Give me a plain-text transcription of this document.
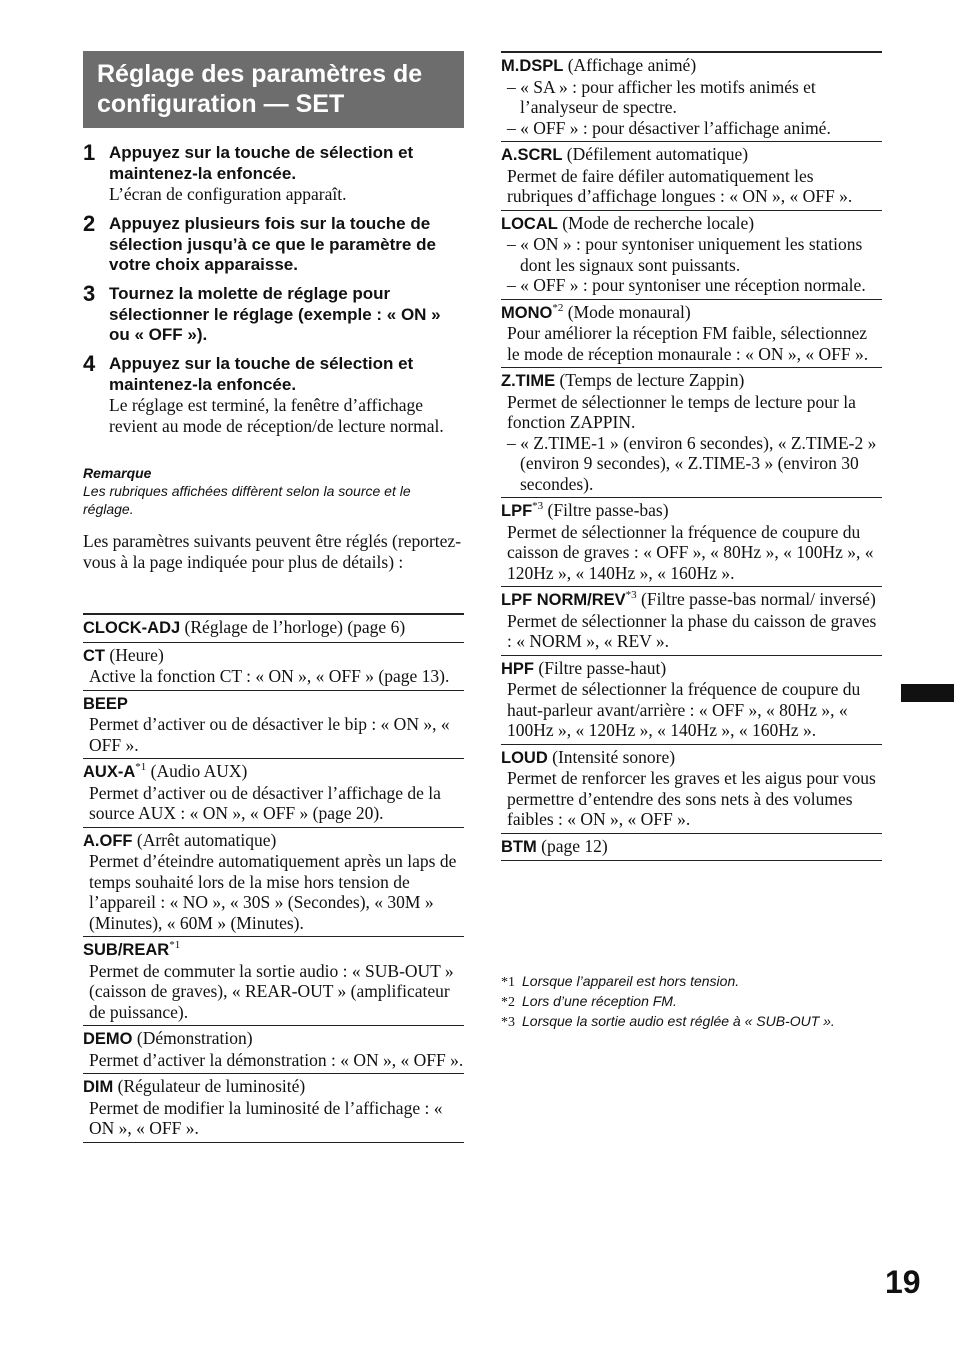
Réglage des paramètres de
configuration — SET
1 Appuyez sur la touche de sélection et maintenez-la enfoncée.
L’écran de configuration apparaît.
2 Appuyez plusieurs fois sur la touche de sélection jusqu’à ce que le paramètre de votre choix apparaisse.
3 Tournez la molette de réglage pour sélectionner le réglage (exemple : « ON » ou « OFF »).
4 Appuyez sur la touche de sélection et maintenez-la enfoncée.
Le réglage est terminé, la fenêtre d’affichage revient au mode de réception/de lecture normal.
Remarque
Les rubriques affichées diffèrent selon la source et le réglage.
Les paramètres suivants peuvent être réglés (reportez-vous à la page indiquée pour plus de détails) :
CLOCK-ADJ (Réglage de l’horloge) (page 6)
CT (Heure)
Active la fonction CT : « ON », « OFF » (page 13).
BEEP
Permet d’activer ou de désactiver le bip : « ON », « OFF ».
AUX-$A^{*1}$ (Audio AUX)
Permet d’activer ou de désactiver l’affichage de la source AUX : « ON », « OFF » (page 20).
A.OFF (Arrêt automatique)
Permet d’éteindre automatiquement après un laps de temps souhaité lors de la mise hors tension de l’appareil : « NO », « 30S » (Secondes), « 30M » (Minutes), « 60M » (Minutes).
SUB/REAR$^{*1}$
Permet de commuter la sortie audio : « SUB-OUT » (caisson de graves), « REAR-OUT » (amplificateur de puissance).
DEMO (Démonstration)
Permet d’activer la démonstration : « ON », « OFF ».
DIM (Régulateur de luminosité)
Permet de modifier la luminosité de l’affichage : « ON », « OFF ».
M.DSPL (Affichage animé)
– « SA » : pour afficher les motifs animés et l’analyseur de spectre.
– « OFF » : pour désactiver l’affichage animé.
A.SCRL (Défilement automatique)
Permet de faire défiler automatiquement les rubriques d’affichage longues : « ON », « OFF ».
LOCAL (Mode de recherche locale)
– « ON » : pour syntoniser uniquement les stations dont les signaux sont puissants.
– « OFF » : pour syntoniser une réception normale.
MONO$^{*2}$ (Mode monaural)
Pour améliorer la réception FM faible, sélectionnez le mode de réception monaurale : « ON », « OFF ».
Z.TIME (Temps de lecture Zappin)
Permet de sélectionner le temps de lecture pour la fonction ZAPPIN.
– « Z.TIME-1 » (environ 6 secondes), « Z.TIME-2 » (environ 9 secondes), « Z.TIME-3 » (environ 30 secondes).
LPF$^{*3}$ (Filtre passe-bas)
Permet de sélectionner la fréquence de coupure du caisson de graves : « OFF », « 80Hz », « 100Hz », « 120Hz », « 140Hz », « 160Hz ».
LPF NORM/REV$^{*3}$ (Filtre passe-bas normal/ inversé)
Permet de sélectionner la phase du caisson de graves : « NORM », « REV ».
HPF (Filtre passe-haut)
Permet de sélectionner la fréquence de coupure du haut-parleur avant/arrière : « OFF », « 80Hz », « 100Hz », « 120Hz », « 140Hz », « 160Hz ».
LOUD (Intensité sonore)
Permet de renforcer les graves et les aigus pour vous permettre d’entendre des sons nets à des volumes faibles : « ON », « OFF ».
BTM (page 12)
*1  Lorsque l’appareil est hors tension.
*2  Lors d’une réception FM.
*3  Lorsque la sortie audio est réglée à « SUB-OUT ».
19
